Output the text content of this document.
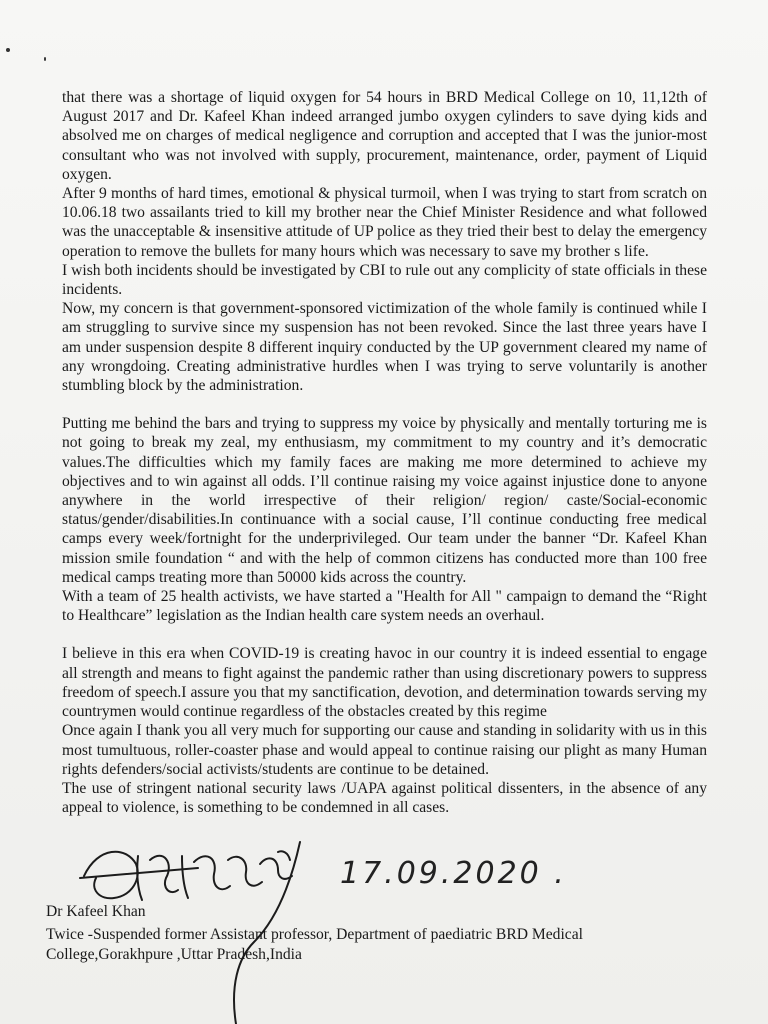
that there was a shortage of liquid oxygen for 54 hours in BRD Medical College on 10, 11,12th of August 2017 and Dr. Kafeel Khan indeed arranged jumbo oxygen cylinders to save dying kids and absolved me on charges of medical negligence and corruption and accepted that I was the junior-most consultant who was not involved with supply, procurement, maintenance, order, payment of Liquid oxygen.

After 9 months of hard times, emotional & physical turmoil, when I was trying to start from scratch on 10.06.18 two assailants tried to kill my brother near the Chief Minister Residence and what followed was the unacceptable & insensitive attitude of UP police as they tried their best to delay the emergency operation to remove the bullets for many hours which was necessary to save my brother s life.

I wish both incidents should be investigated by CBI to rule out any complicity of state officials in these incidents.

Now, my concern is that government-sponsored victimization of the whole family is continued while I am struggling to survive since my suspension has not been revoked. Since the last three years have I am under suspension despite 8 different inquiry conducted by the UP government cleared my name of any wrongdoing. Creating administrative hurdles when I was trying to serve voluntarily is another stumbling block by the administration.

Putting me behind the bars and trying to suppress my voice by physically and mentally torturing me is not going to break my zeal, my enthusiasm, my commitment to my country and it’s democratic values.The difficulties which my family faces are making me more determined to achieve my objectives and to win against all odds. I’ll continue raising my voice against injustice done to anyone anywhere in the world irrespective of their religion/ region/ caste/Social-economic status/gender/disabilities.In continuance with a social cause, I’ll continue conducting free medical camps every week/fortnight for the underprivileged. Our team under the banner “Dr. Kafeel Khan mission smile foundation “ and with the help of common citizens has conducted more than 100 free medical camps treating more than 50000 kids across the country.

With a team of 25 health activists, we have started a "Health for All " campaign to demand the “Right to Healthcare” legislation as the Indian health care system needs an overhaul.

I believe in this era when COVID-19 is creating havoc in our country it is indeed essential to engage all strength and means to fight against the pandemic rather than using discretionary powers to suppress freedom of speech.I assure you that my sanctification, devotion, and determination towards serving my countrymen would continue regardless of the obstacles created by this regime

Once again I thank you all very much for supporting our cause and standing in solidarity with us in this most tumultuous, roller-coaster phase and would appeal to continue raising our plight as many Human rights defenders/social activists/students are continue to be detained.

The use of stringent national security laws /UAPA against political dissenters, in the absence of any appeal to violence, is something to be condemned in all cases.

17.09.2020 .
Dr Kafeel Khan
Twice -Suspended former Assistant professor, Department of paediatric BRD Medical College,Gorakhpure ,Uttar Pradesh,India
